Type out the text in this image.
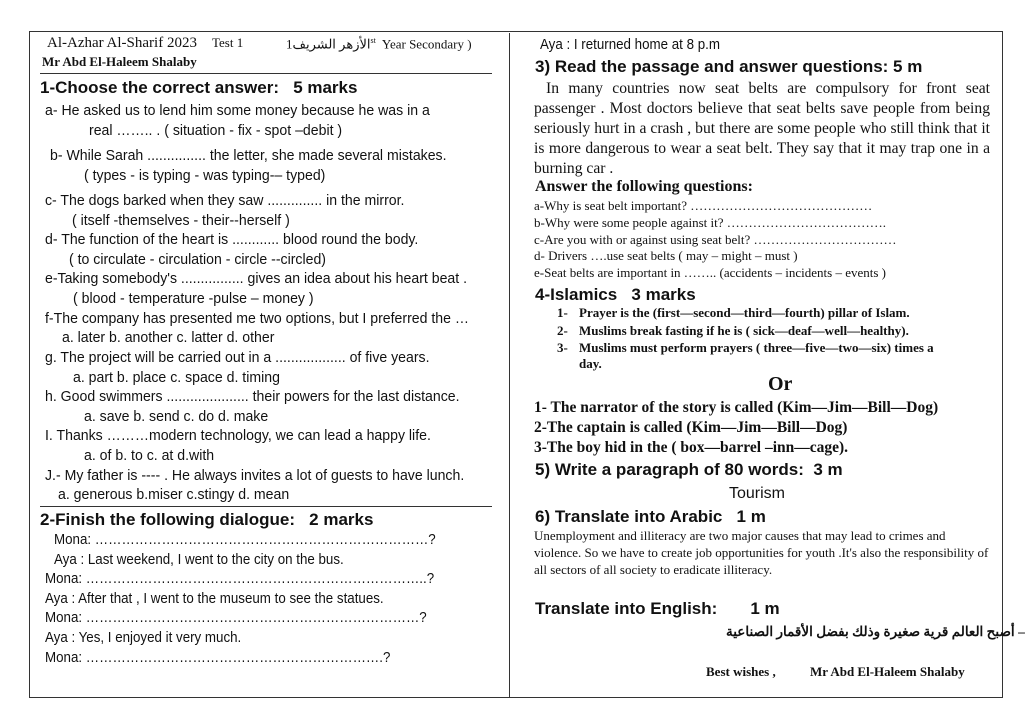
Al-Azhar Al-Sharif 2023 Test 1	الأزهر الشريف1	$^{st}$ Year Secondary )
Mr Abd El-Haleem Shalaby
1-Choose the correct answer: 5 marks
a- He asked us to lend him some money because he was in a
real …….. . ( situation - fix - spot –debit )
b- While Sarah ............... the letter, she made several mistakes.
( types - is typing - was typing-– typed)
c- The dogs barked when they saw .............. in the mirror.
( itself -themselves - their--herself )
d- The function of the heart is ............ blood round the body.
( to circulate - circulation - circle --circled)
e-Taking somebody's ................ gives an idea about his heart beat .
( blood - temperature -pulse – money )
f-The company has presented me two options, but I preferred the …
a. later b. another c. latter d. other
g. The project will be carried out in a .................. of five years.
a. part b. place c. space d. timing
h. Good swimmers ..................... their powers for the last distance.
a. save b. send c. do d. make
I. Thanks ………modern technology, we can lead a happy life.
a. of b. to c. at d.with
J.- My father is ---- . He always invites a lot of guests to have lunch.
a. generous b.miser c.stingy d. mean
2-Finish the following dialogue: 2 marks
Mona: …………………………………………………………………?
Aya : Last weekend, I went to the city on the bus.
Mona: …………………………………………………………………..?
Aya : After that , I went to the museum to see the statues.
Mona: …………………………………………………………………?
Aya : Yes, I enjoyed it very much.
Mona: ………………………………………………………….?
Aya : I returned home at 8 p.m
3) Read the passage and answer questions: 5 m
In many countries now seat belts are compulsory for front seat passenger . Most doctors believe that seat belts save people from being seriously hurt in a crash , but there are some people who still think that it is more dangerous to wear a seat belt. They say that it may trap one in a burning car .
Answer the following questions:
a-Why is seat belt important? ……………………………………
b-Why were some people against it? ……………………………….
c-Are you with or against using seat belt? ……………………………
d- Drivers ….use seat belts ( may – might – must )
e-Seat belts are important in …….. (accidents – incidents – events )
4-Islamics 3 marks
1- Prayer is the (first—second—third—fourth) pillar of Islam.
2- Muslims break fasting if he is ( sick—deaf—well—healthy).
3- Muslims must perform prayers ( three—five—two—six) times a
day.
Or
1- The narrator of the story is called (Kim—Jim—Bill—Dog)
2-The captain is called (Kim—Jim—Bill—Dog)
3-The boy hid in the ( box—barrel –inn—cage).
5) Write a paragraph of 80 words: 3 m
Tourism
6) Translate into Arabic 1 m
Unemployment and illiteracy are two major causes that may lead to crimes and violence. So we have to create job opportunities for youth .It's also the responsibility of all sectors of all society to eradicate illiteracy.
Translate into English: 1 m
– أصبح العالم قرية صغيرة وذلك بفضل الأقمار الصناعية
Best wishes ,	Mr Abd El-Haleem Shalaby
